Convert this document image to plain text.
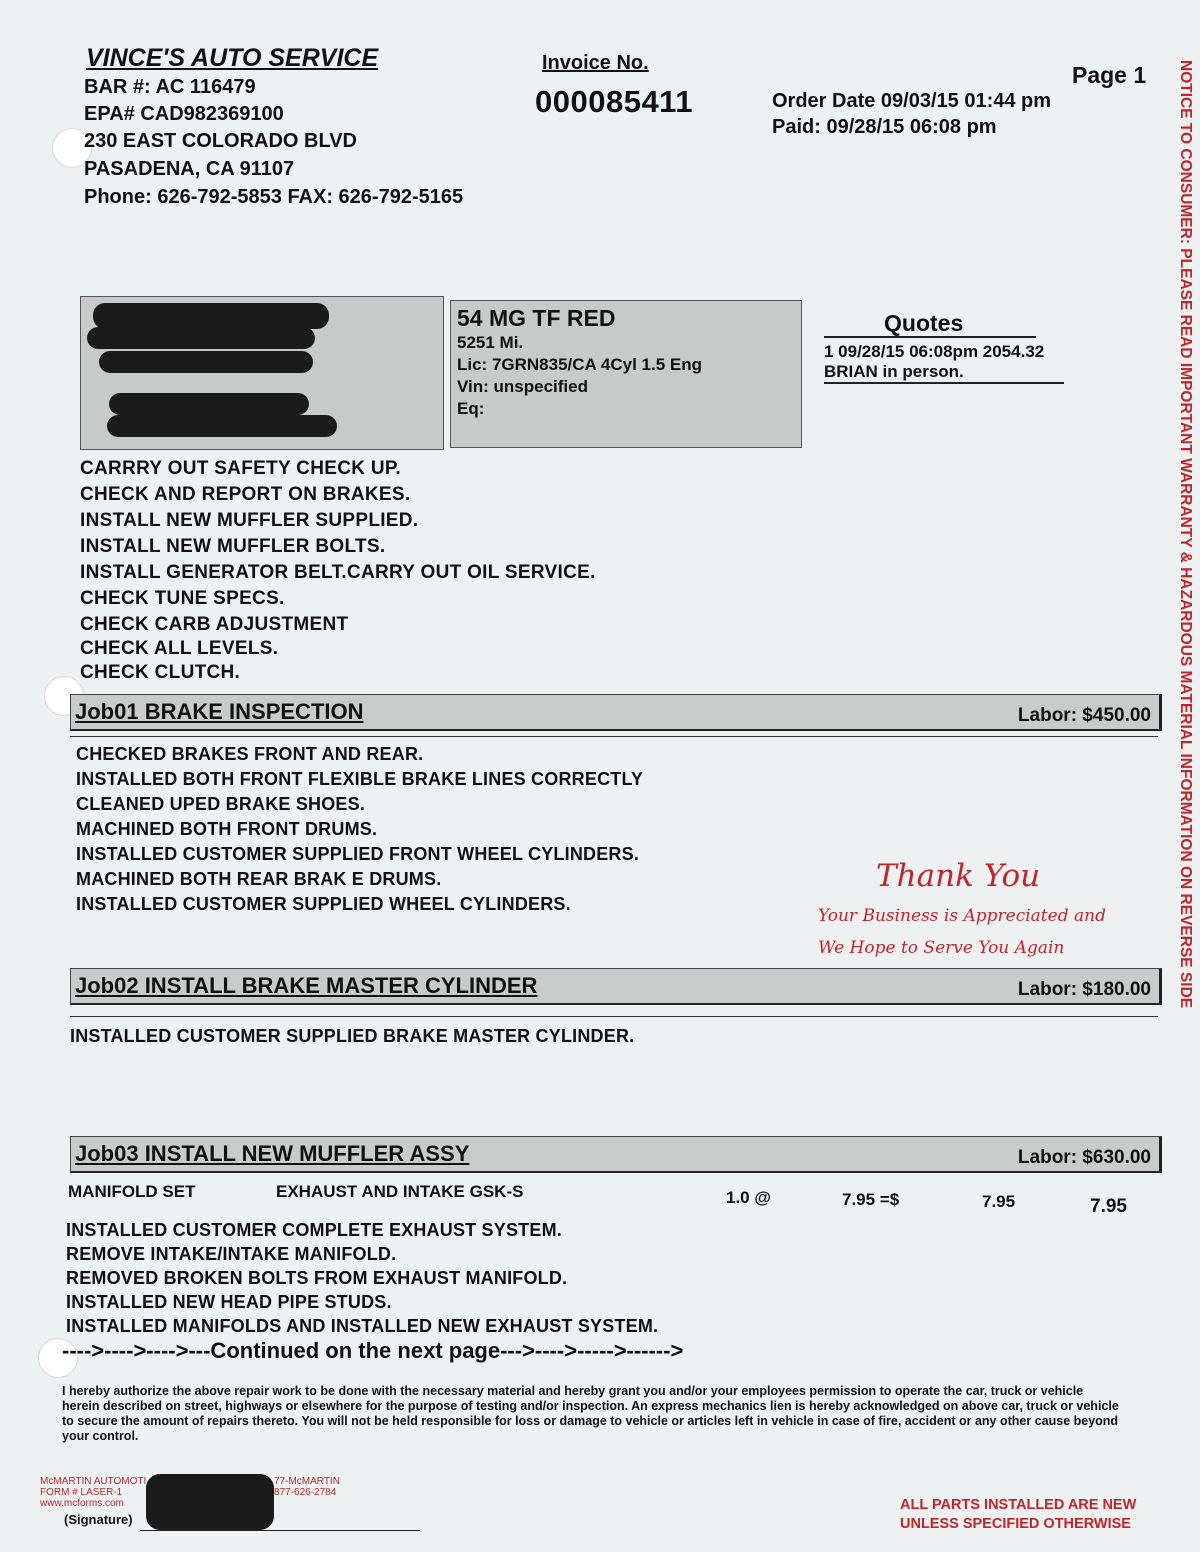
VINCE'S AUTO SERVICE
BAR #: AC 116479
EPA# CAD982369100
230 EAST COLORADO BLVD
PASADENA, CA 91107
Phone: 626-792-5853 FAX: 626-792-5165
Invoice No.
000085411
Page 1
Order Date 09/03/15 01:44 pm
Paid: 09/28/15 06:08 pm
54 MG TF RED
5251 Mi.
Lic: 7GRN835/CA 4Cyl 1.5 Eng
Vin: unspecified
Eq:
Quotes
1 09/28/15 06:08pm 2054.32
BRIAN in person.
CARRRY OUT SAFETY CHECK UP.
CHECK AND REPORT ON BRAKES.
INSTALL NEW MUFFLER SUPPLIED.
INSTALL NEW MUFFLER BOLTS.
INSTALL GENERATOR BELT.CARRY OUT OIL SERVICE.
CHECK TUNE SPECS.
CHECK CARB ADJUSTMENT
CHECK ALL LEVELS.
CHECK CLUTCH.
Job01 BRAKE INSPECTION	Labor: $450.00
CHECKED BRAKES FRONT AND REAR.
INSTALLED BOTH FRONT FLEXIBLE BRAKE LINES CORRECTLY
CLEANED UPED BRAKE SHOES.
MACHINED BOTH FRONT DRUMS.
INSTALLED CUSTOMER SUPPLIED FRONT WHEEL CYLINDERS.
MACHINED BOTH REAR BRAK E DRUMS.
INSTALLED CUSTOMER SUPPLIED WHEEL CYLINDERS.
Thank You
Your Business is Appreciated and
We Hope to Serve You Again
Job02 INSTALL BRAKE MASTER CYLINDER	Labor: $180.00
INSTALLED CUSTOMER SUPPLIED BRAKE MASTER CYLINDER.
Job03 INSTALL NEW MUFFLER ASSY	Labor: $630.00
MANIFOLD SET	EXHAUST AND INTAKE GSK-S	1.0 @	7.95 =$	7.95	7.95
INSTALLED CUSTOMER COMPLETE EXHAUST SYSTEM.
REMOVE INTAKE/INTAKE MANIFOLD.
REMOVED BROKEN BOLTS FROM EXHAUST MANIFOLD.
INSTALLED NEW HEAD PIPE STUDS.
INSTALLED MANIFOLDS AND INSTALLED NEW EXHAUST SYSTEM.
---->---->---->---Continued on the next page--->---->----->------>
I hereby authorize the above repair work to be done with the necessary material and hereby grant you and/or your employees permission to operate the car, truck or vehicle herein described on street, highways or elsewhere for the purpose of testing and/or inspection. An express mechanics lien is hereby acknowledged on above car, truck or vehicle to secure the amount of repairs thereto. You will not be held responsible for loss or damage to vehicle or articles left in vehicle in case of fire, accident or any other cause beyond your control.
McMARTIN AUTOMOTI
FORM # LASER-1
www.mcforms.com
77-McMARTIN
877-626-2784
(Signature)
ALL PARTS INSTALLED ARE NEW
UNLESS SPECIFIED OTHERWISE
NOTICE TO CONSUMER: PLEASE READ IMPORTANT WARRANTY & HAZARDOUS MATERIAL INFORMATION ON REVERSE SIDE
